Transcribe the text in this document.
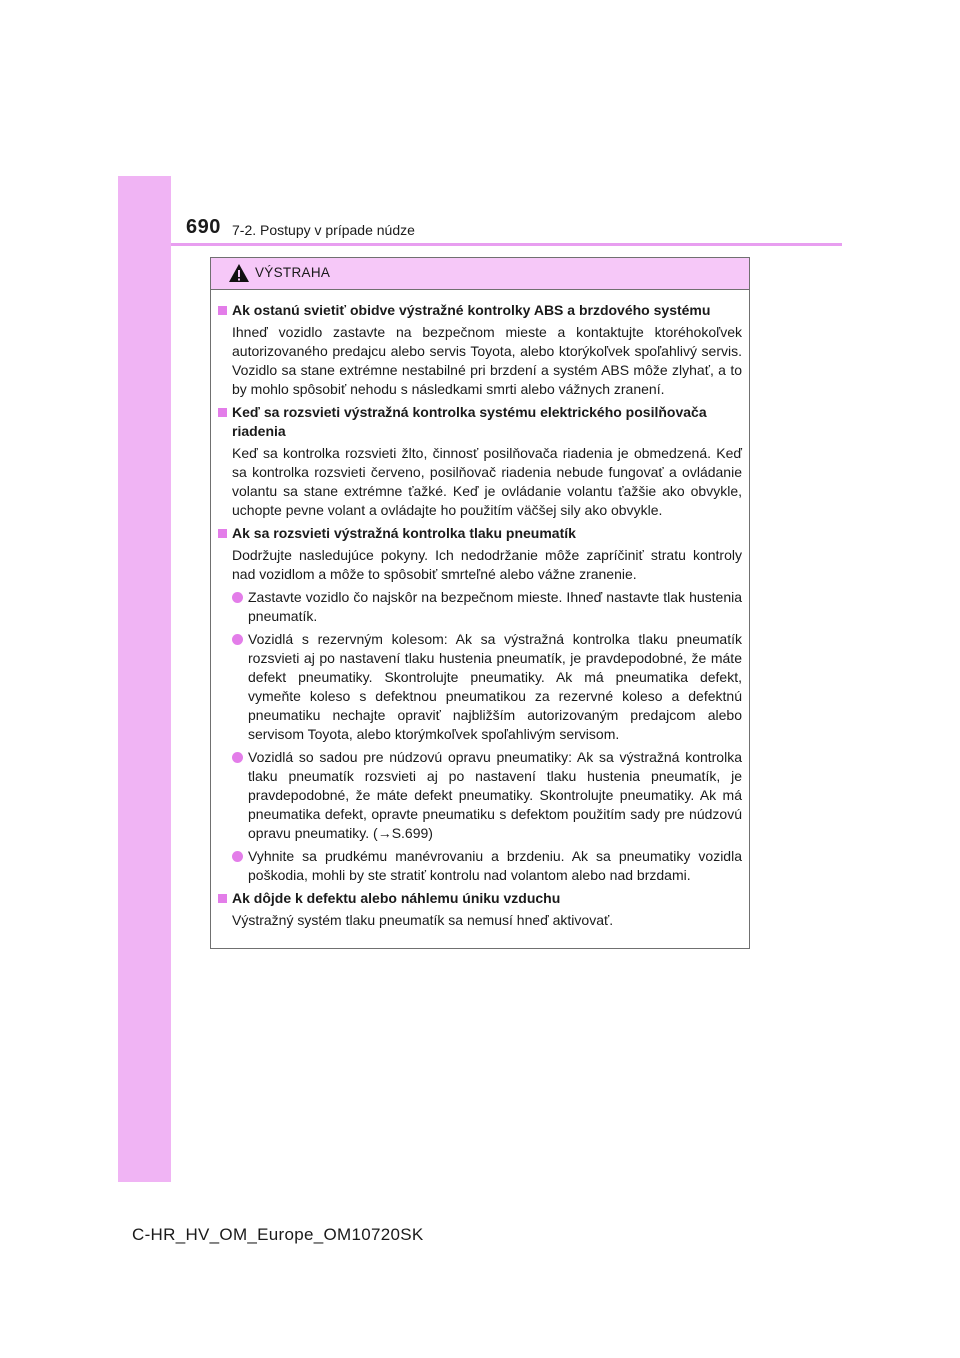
690 7-2. Postupy v prípade núdze
VÝSTRAHA
Ak ostanú svietiť obidve výstražné kontrolky ABS a brzdového systému
Ihneď vozidlo zastavte na bezpečnom mieste a kontaktujte ktoréhokoľvek autorizovaného predajcu alebo servis Toyota, alebo ktorýkoľvek spoľahlivý servis. Vozidlo sa stane extrémne nestabilné pri brzdení a systém ABS môže zlyhať, a to by mohlo spôsobiť nehodu s následkami smrti alebo vážnych zranení.
Keď sa rozsvieti výstražná kontrolka systému elektrického posilňovača riadenia
Keď sa kontrolka rozsvieti žlto, činnosť posilňovača riadenia je obmedzená. Keď sa kontrolka rozsvieti červeno, posilňovač riadenia nebude fungovať a ovládanie volantu sa stane extrémne ťažké. Keď je ovládanie volantu ťažšie ako obvykle, uchopte pevne volant a ovládajte ho použitím väčšej sily ako obvykle.
Ak sa rozsvieti výstražná kontrolka tlaku pneumatík
Dodržujte nasledujúce pokyny. Ich nedodržanie môže zapríčiniť stratu kontroly nad vozidlom a môže to spôsobiť smrteľné alebo vážne zranenie.
Zastavte vozidlo čo najskôr na bezpečnom mieste. Ihneď nastavte tlak hustenia pneumatík.
Vozidlá s rezervným kolesom: Ak sa výstražná kontrolka tlaku pneumatík rozsvieti aj po nastavení tlaku hustenia pneumatík, je pravdepodobné, že máte defekt pneumatiky. Skontrolujte pneumatiky. Ak má pneumatika defekt, vymeňte koleso s defektnou pneumatikou za rezervné koleso a defektnú pneumatiku nechajte opraviť najbližším autorizovaným predajcom alebo servisom Toyota, alebo ktorýmkoľvek spoľahlivým servisom.
Vozidlá so sadou pre núdzovú opravu pneumatiky: Ak sa výstražná kontrolka tlaku pneumatík rozsvieti aj po nastavení tlaku hustenia pneumatík, je pravdepodobné, že máte defekt pneumatiky. Skontrolujte pneumatiky. Ak má pneumatika defekt, opravte pneumatiku s defektom použitím sady pre núdzovú opravu pneumatiky. (→S.699)
Vyhnite sa prudkému manévrovaniu a brzdeniu. Ak sa pneumatiky vozidla poškodia, mohli by ste stratiť kontrolu nad volantom alebo nad brzdami.
Ak dôjde k defektu alebo náhlemu úniku vzduchu
Výstražný systém tlaku pneumatík sa nemusí hneď aktivovať.
C-HR_HV_OM_Europe_OM10720SK
